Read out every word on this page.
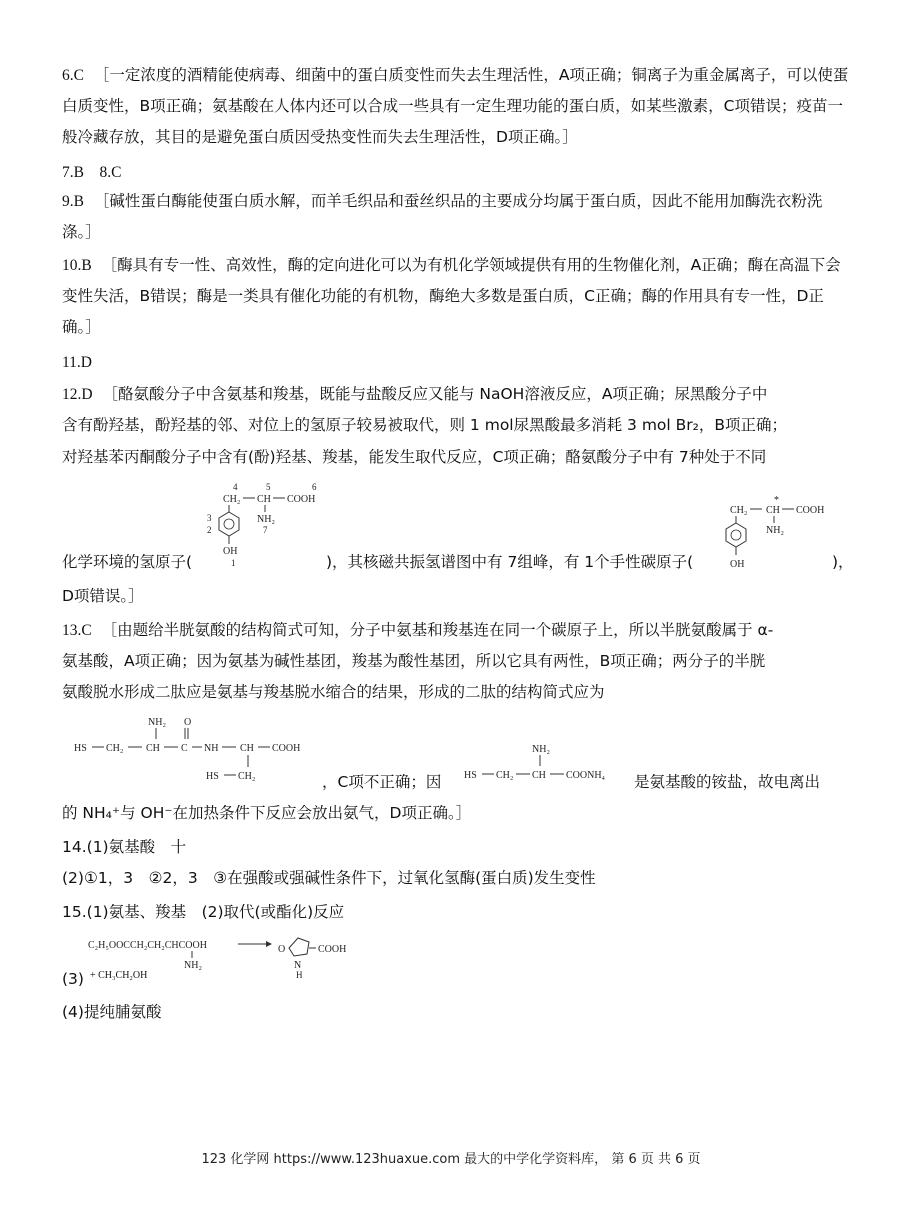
6.C ［一定浓度的酒精能使病毒、细菌中的蛋白质变性而失去生理活性，A项正确；铜离子为重金属离子，可以使蛋白质变性，B项正确；氨基酸在人体内还可以合成一些具有一定生理功能的蛋白质，如某些激素，C项错误；疫苗一般冷藏存放，其目的是避免蛋白质因受热变性而失去生理活性，D项正确。］
7.B　8.C
9.B ［碱性蛋白酶能使蛋白质水解，而羊毛织品和蚕丝织品的主要成分均属于蛋白质，因此不能用加酶洗衣粉洗涤。］
10.B ［酶具有专一性、高效性，酶的定向进化可以为有机化学领域提供有用的生物催化剂，A正确；酶在高温下会变性失活，B错误；酶是一类具有催化功能的有机物，酶绝大多数是蛋白质，C正确；酶的作用具有专一性，D正确。］
11.D
12.D ［酪氨酸分子中含氨基和羧基，既能与盐酸反应又能与 NaOH溶液反应，A项正确；尿黑酸分子中
含有酚羟基，酚羟基的邻、对位上的氢原子较易被取代，则 1 mol尿黑酸最多消耗 3 mol Br₂，B项正确；
对羟基苯丙酮酸分子中含有(酚)羟基、羧基，能发生取代反应，C项正确；酪氨酸分子中有 7种处于不同
4	5	6
CH₂ CH COOH
NH₂
7
3
2
OH
1
*
CH₂ CH COOH
NH₂
OH
化学环境的氢原子(	)，其核磁共振氢谱图中有 7组峰，有 1个手性碳原子(	)，
D项错误。］
13.C ［由题给半胱氨酸的结构简式可知，分子中氨基和羧基连在同一个碳原子上，所以半胱氨酸属于 α-
氨基酸，A项正确；因为氨基为碱性基团，羧基为酸性基团，所以它具有两性，B项正确；两分子的半胱
氨酸脱水形成二肽应是氨基与羧基脱水缩合的结果，形成的二肽的结构简式应为
NH₂ O
HS CH₂ CH C NH CH COOH
HS CH₂
NH₂
HS CH₂ CH COONH₄
，C项不正确；因	是氨基酸的铵盐，故电离出
的 NH₄⁺与 OH⁻在加热条件下反应会放出氨气，D项正确。］
14.(1)氨基酸　十
(2)①1，3　②2，3　③在强酸或强碱性条件下，过氧化氢酶(蛋白质)发生变性
15.(1)氨基、羧基　(2)取代(或酯化)反应
C₂H₅OOCCH₂CH₂CHCOOH
NH₂
O
N
H
COOH
(3) + CH₃CH₂OH
(4)提纯脯氨酸
123 化学网 https://www.123huaxue.com 最大的中学化学资料库， 第 6 页 共 6 页
